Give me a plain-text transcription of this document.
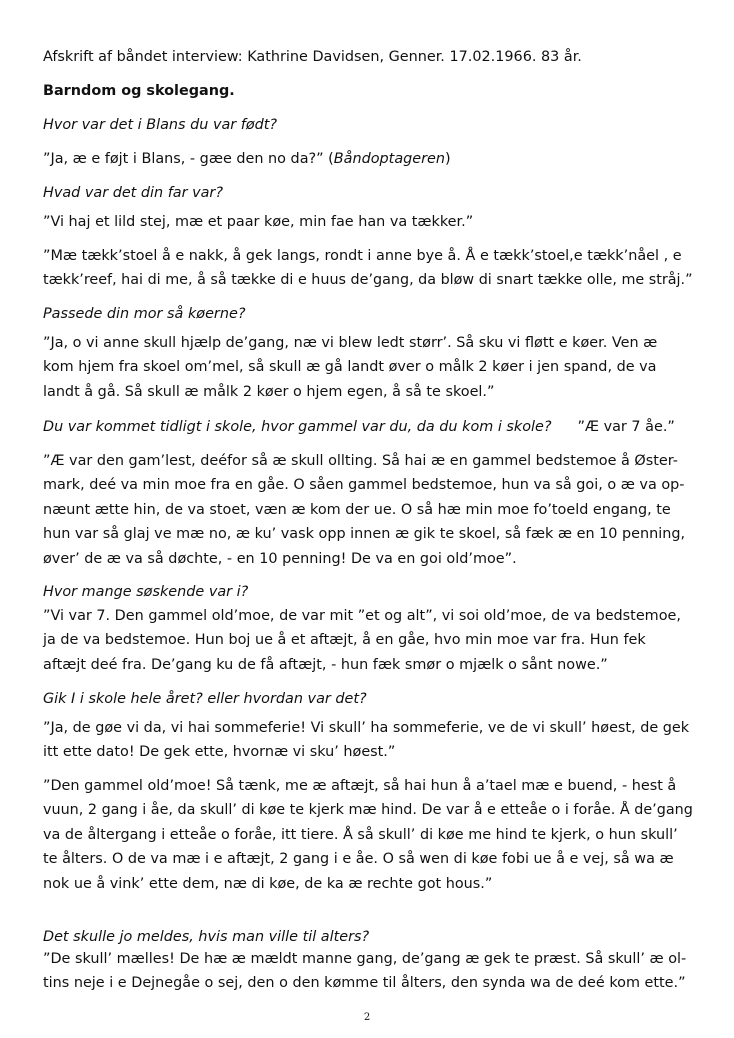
Afskrift af båndet interview: Kathrine Davidsen, Genner. 17.02.1966. 83 år.

Barndom og skolegang.

Hvor var det i Blans du var født?

”Ja, æ e føjt i Blans, - gæe den no da?” (Båndoptageren)

Hvad var det din far var?

”Vi haj et lild stej, mæ et paar køe, min fae han va tækker.”

”Mæ tækk’stoel å e nakk, å gek langs, rondt i anne bye å. Å e tækk’stoel,e tækk’nåel , e
tækk’reef, hai di me, å så tække di e huus de’gang, da bløw di snart tække olle, me stråj.”

Passede din mor så køerne?

”Ja, o vi anne skull hjælp de’gang, næ vi blew ledt størr’. Så sku vi fløtt e køer. Ven æ
kom hjem fra skoel om’mel, så skull æ gå landt øver o målk 2 køer i jen spand, de va
landt å gå. Så skull æ målk 2 køer o hjem egen, å så te skoel.”

Du var kommet tidligt i skole, hvor gammel var du, da du kom i skole? ”Æ var 7 åe.”

”Æ var den gam’lest, deéfor så æ skull ollting. Så hai æ en gammel bedstemoe å Øster-
mark, deé va min moe fra en gåe. O såen gammel bedstemoe, hun va så goi, o æ va op-
næunt ætte hin, de va stoet, væn æ kom der ue. O så hæ min moe fo’toeld engang, te
hun var så glaj ve mæ no, æ ku’ vask opp innen æ gik te skoel, så fæk æ en 10 penning,
øver’ de æ va så døchte, - en 10 penning! De va en goi old’moe”.

Hvor mange søskende var i?

”Vi var 7. Den gammel old’moe, de var mit ”et og alt”, vi soi old’moe, de va bedstemoe,
ja de va bedstemoe. Hun boj ue å et aftæjt, å en gåe, hvo min moe var fra. Hun fek
aftæjt deé fra. De’gang ku de få aftæjt, - hun fæk smør o mjælk o sånt nowe.”

Gik I i skole hele året? eller hvordan var det?

”Ja, de gøe vi da, vi hai sommeferie! Vi skull’ ha sommeferie, ve de vi skull’ høest, de gek
itt ette dato! De gek ette, hvornæ vi sku’ høest.”

”Den gammel old’moe! Så tænk, me æ aftæjt, så hai hun å a’tael mæ e buend, - hest å
vuun, 2 gang i åe, da skull’ di køe te kjerk mæ hind. De var å e etteåe o i foråe. Å de’gang
va de åltergang i etteåe o foråe, itt tiere. Å så skull’ di køe me hind te kjerk, o hun skull’
te ålters. O de va mæ i e aftæjt, 2 gang i e åe. O så wen di køe fobi ue å e vej, så wa æ
nok ue å vink’ ette dem, næ di køe, de ka æ rechte got hous.”

Det skulle jo meldes, hvis man ville til alters?

”De skull’ mælles! De hæ æ mældt manne gang, de’gang æ gek te præst. Så skull’ æ ol-
tins neje i e Dejnegåe o sej, den o den kømme til ålters, den synda wa de deé kom ette.”

2
